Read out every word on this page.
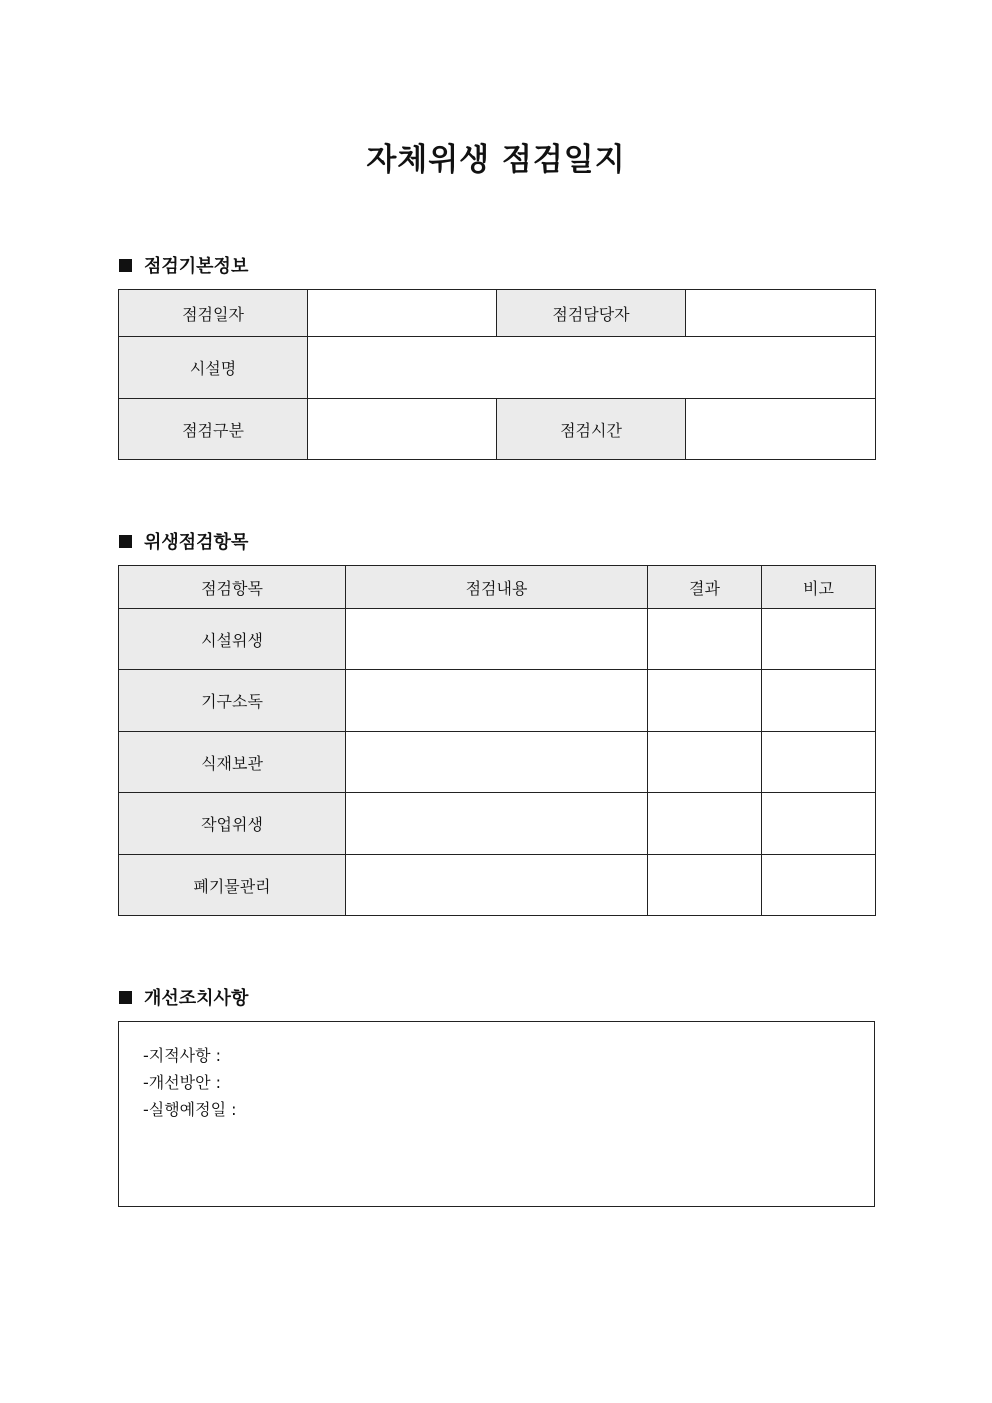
자체위생 점검일지
점검기본정보
점검일자		점검담당자	
시설명			
점검구분		점검시간	
위생점검항목
점검항목	점검내용	결과	비고
시설위생			
기구소독			
식재보관			
작업위생			
폐기물관리			
개선조치사항
-지적사항 :
-개선방안 :
-실행예정일 :
